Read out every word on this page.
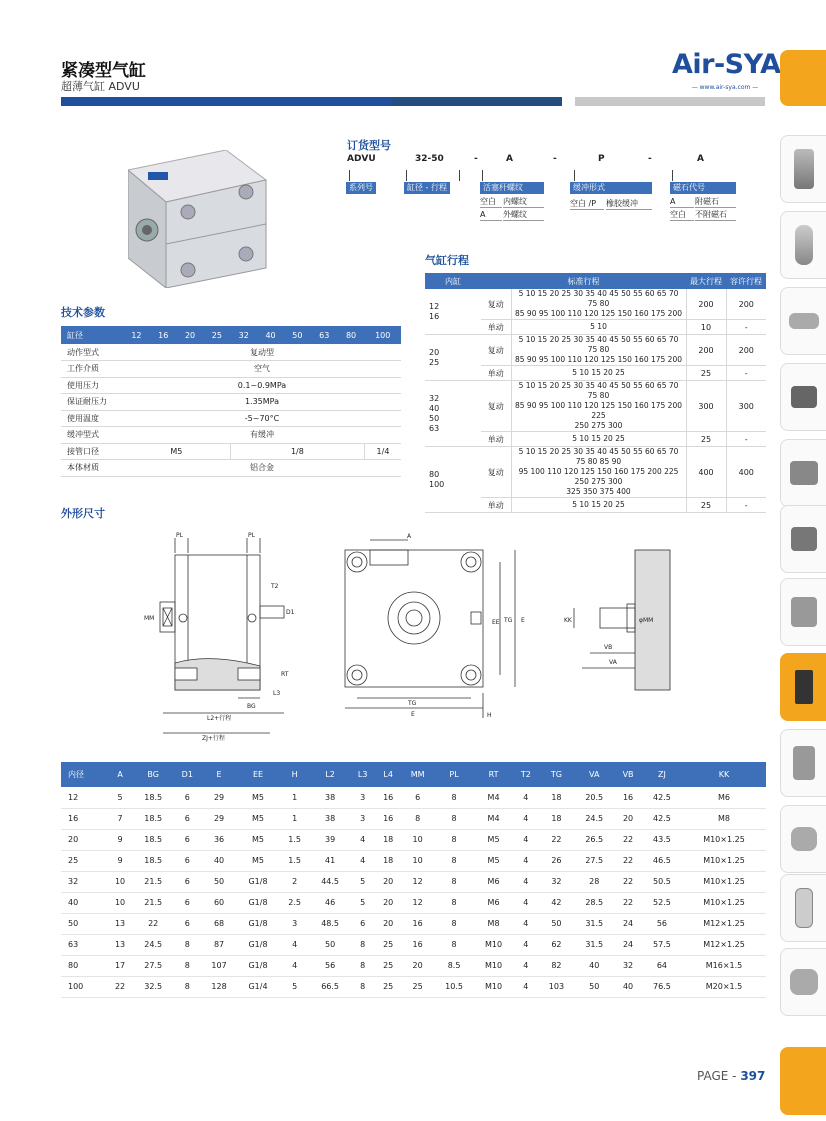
紧凑型气缸
超薄气缸 ADVU
Air-SYA
— www.air-sya.com —
订货型号
ADVU	32-50	-	A	-	P	-	A
系列号	缸径 - 行程	活塞杆螺纹	缓冲形式	磁石代号
空白 内螺纹
A	外螺纹
空白 /P	橡胶缓冲	A	附磁石
空白	不附磁石
气缸行程
内缸	标准行程		最大行程	容许行程
12
16	复动	5 10 15 20 25 30 35 40 45 50 55 60 65 70 75 80
85 90 95 100 110 120 125 150 160 175 200	200	200
	单动	5 10	10	-
20
25	复动	5 10 15 20 25 30 35 40 45 50 55 60 65 70 75 80
85 90 95 100 110 120 125 150 160 175 200	200	200
	单动	5 10 15 20 25	25	-
32
40
50
63	复动	5 10 15 20 25 30 35 40 45 50 55 60 65 70 75 80
85 90 95 100 110 120 125 150 160 175 200 225
250 275 300	300	300
	单动	5 10 15 20 25	25	-
80
100	复动	5 10 15 20 25 30 35 40 45 50 55 60 65 70 75 80 85 90
95 100 110 120 125 150 160 175 200 225 250 275 300
325 350 375 400	400	400
	单动	5 10 15 20 25	25	-
技术参数
缸径	12	16	20	25	32	40	50	63	80	100
动作型式	复动型									
工作介质	空气									
使用压力	0.1~0.9MPa									
保证耐压力	1.35MPa									
使用温度	-5~70°C									
缓冲型式	有缓冲									
接管口径	M5				1/8					1/4
本体材质	铝合金									
外形尺寸
PL	PL
T2
D1
MM
RT
L3
BG
L2+行程
ZJ+行程
A
EE TG E
TG
E	H
KK	φMM
VB
VA
内径	A	BG	D1	E	EE	H	L2	L3	L4	MM	PL	RT	T2	TG	VA	VB	ZJ	KK
12	5	18.5	6	29	M5	1	38	3	16	6	8	M4	4	18	20.5	16	42.5	M6
16	7	18.5	6	29	M5	1	38	3	16	8	8	M4	4	18	24.5	20	42.5	M8
20	9	18.5	6	36	M5	1.5	39	4	18	10	8	M5	4	22	26.5	22	43.5	M10×1.25
25	9	18.5	6	40	M5	1.5	41	4	18	10	8	M5	4	26	27.5	22	46.5	M10×1.25
32	10	21.5	6	50	G1/8	2	44.5	5	20	12	8	M6	4	32	28	22	50.5	M10×1.25
40	10	21.5	6	60	G1/8	2.5	46	5	20	12	8	M6	4	42	28.5	22	52.5	M10×1.25
50	13	22	6	68	G1/8	3	48.5	6	20	16	8	M8	4	50	31.5	24	56	M12×1.25
63	13	24.5	8	87	G1/8	4	50	8	25	16	8	M10	4	62	31.5	24	57.5	M12×1.25
80	17	27.5	8	107	G1/8	4	56	8	25	20	8.5	M10	4	82	40	32	64	M16×1.5
100	22	32.5	8	128	G1/4	5	66.5	8	25	25	10.5	M10	4	103	50	40	76.5	M20×1.5
PAGE - 397
